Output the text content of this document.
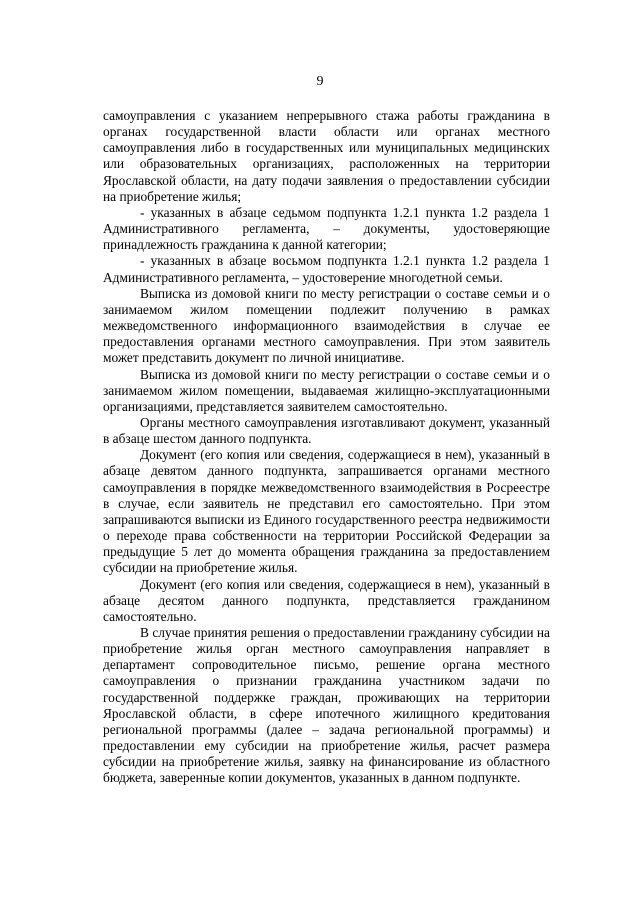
9

самоуправления с указанием непрерывного стажа работы гражданина в органах государственной власти области или органах местного самоуправления либо в государственных или муниципальных медицинских или образовательных организациях, расположенных на территории Ярославской области, на дату подачи заявления о предоставлении субсидии на приобретение жилья;

- указанных в абзаце седьмом подпункта 1.2.1 пункта 1.2 раздела 1 Административного регламента, – документы, удостоверяющие принадлежность гражданина к данной категории;

- указанных в абзаце восьмом подпункта 1.2.1 пункта 1.2 раздела 1 Административного регламента, – удостоверение многодетной семьи.

Выписка из домовой книги по месту регистрации о составе семьи и о занимаемом жилом помещении подлежит получению в рамках межведомственного информационного взаимодействия в случае ее предоставления органами местного самоуправления. При этом заявитель может представить документ по личной инициативе.

Выписка из домовой книги по месту регистрации о составе семьи и о занимаемом жилом помещении, выдаваемая жилищно-эксплуатационными организациями, представляется заявителем самостоятельно.

Органы местного самоуправления изготавливают документ, указанный в абзаце шестом данного подпункта.

Документ (его копия или сведения, содержащиеся в нем), указанный в абзаце девятом данного подпункта, запрашивается органами местного самоуправления в порядке межведомственного взаимодействия в Росреестре в случае, если заявитель не представил его самостоятельно. При этом запрашиваются выписки из Единого государственного реестра недвижимости о переходе права собственности на территории Российской Федерации за предыдущие 5 лет до момента обращения гражданина за предоставлением субсидии на приобретение жилья.

Документ (его копия или сведения, содержащиеся в нем), указанный в абзаце десятом данного подпункта, представляется гражданином самостоятельно.

В случае принятия решения о предоставлении гражданину субсидии на приобретение жилья орган местного самоуправления направляет в департамент сопроводительное письмо, решение органа местного самоуправления о признании гражданина участником задачи по государственной поддержке граждан, проживающих на территории Ярославской области, в сфере ипотечного жилищного кредитования региональной программы (далее – задача региональной программы) и предоставлении ему субсидии на приобретение жилья, расчет размера субсидии на приобретение жилья, заявку на финансирование из областного бюджета, заверенные копии документов, указанных в данном подпункте.
